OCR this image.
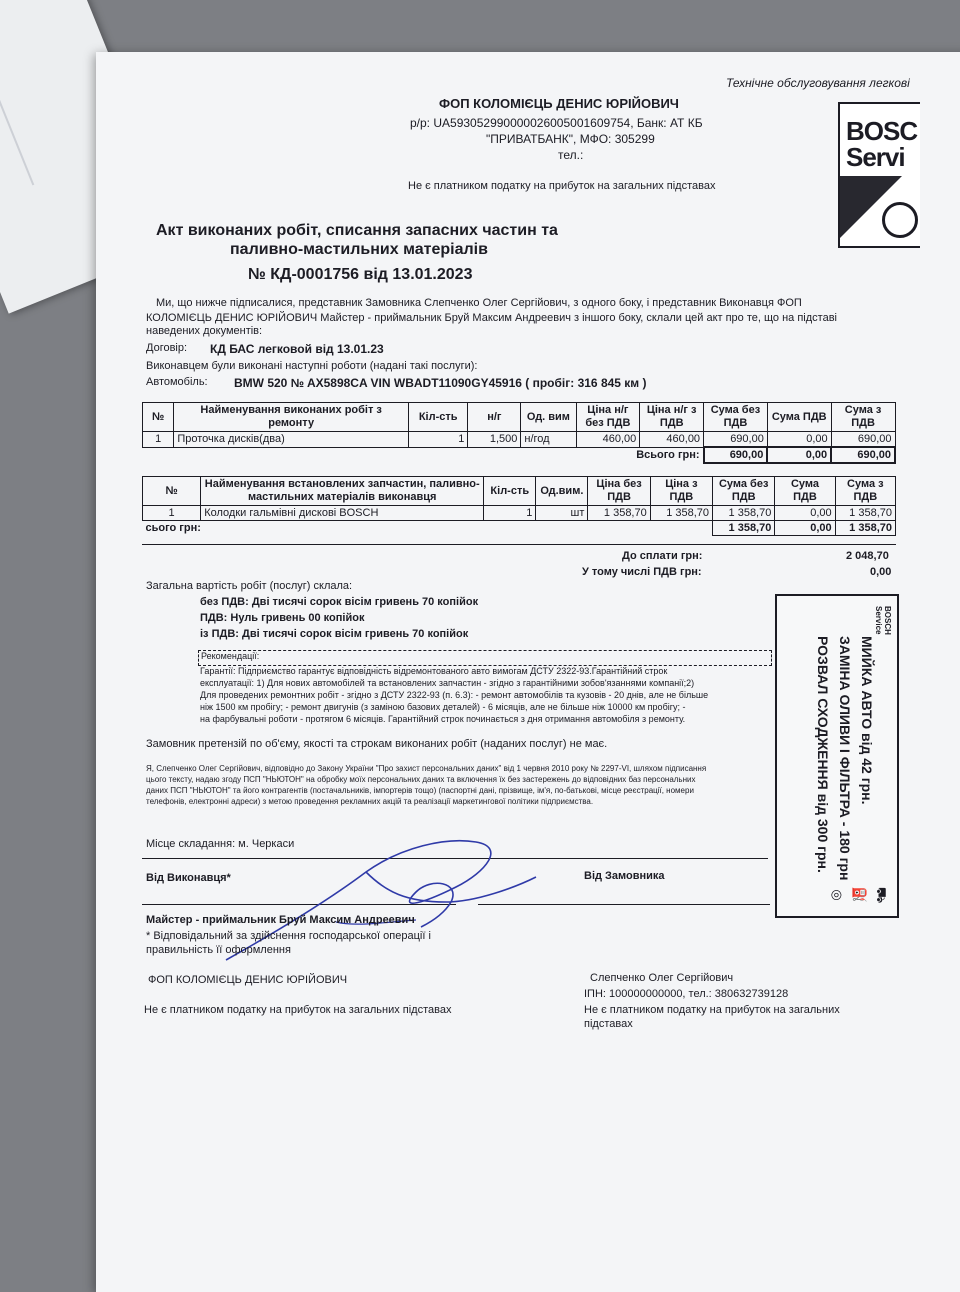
Технічне обслуговування легкові
BOSC
Servi
ФОП КОЛОМІЄЦЬ ДЕНИС ЮРІЙОВИЧ
р/р: UA593052990000026005001609754, Банк: АТ КБ
"ПРИВАТБАНК", МФО: 305299
тел.:
Не є платником податку на прибуток на загальних підставах
Акт виконаних робіт, списання запасних частин та
паливно-мастильних матеріалів
№ КД-0001756 від 13.01.2023
Ми, що нижче підписалися, представник Замовника Слепченко Олег Сергійович, з одного боку, і представник Виконавця ФОП
КОЛОМІЄЦЬ ДЕНИС ЮРІЙОВИЧ Майстер - приймальник Бруй Максим Андреевич з іншого боку, склали цей акт про те, що на підставі
наведених документів:
Договір: КД БАС легковой від 13.01.23
Виконавцем були виконані наступні роботи (надані такі послуги):
Автомобіль: BMW 520 № AX5898CA VIN WBADT11090GY45916 ( пробіг: 316 845 км )
№	Найменування виконаних робіт з ремонту	Кіл-сть	н/г	Од. вим	Ціна н/г без ПДВ	Ціна н/г з ПДВ	Сума без ПДВ	Сума ПДВ	Сума з ПДВ
1	Проточка дисків(два)	1	1,500	н/год	460,00	460,00	690,00	0,00	690,00
Всього грн:							690,00	0,00	690,00
№	Найменування встановлених запчастин, паливно-мастильних матеріалів виконавця	Кіл-сть	Од.вим.	Ціна без ПДВ	Ціна з ПДВ	Сума без ПДВ	Сума ПДВ	Сума з ПДВ
1	Колодки гальмівні дискові BOSCH	1	шт	1 358,70	1 358,70	1 358,70	0,00	1 358,70
сього грн:						1 358,70	0,00	1 358,70
До сплати грн:	2 048,70
У тому числі ПДВ грн:	0,00
Загальна вартість робіт (послуг) склала:
без ПДВ: Дві тисячі сорок вісім гривень 70 копійок
ПДВ: Нуль гривень 00 копійок
із ПДВ: Дві тисячі сорок вісім гривень 70 копійок
Рекомендації:
Гарантії: Підприємство гарантує відповідність відремонтованого авто вимогам ДСТУ 2322-93.Гарантійний строк
експлуатації: 1) Для нових автомобілей та встановлених запчастин - згідно з гарантійними зобов'язаннями компанії;2)
Для проведених ремонтних робіт - згідно з ДСТУ 2322-93 (п. 6.3): - ремонт автомобілів та кузовів - 20 днів, але не більше
ніж 1500 км пробігу; - ремонт двигунів (з заміною базових деталей) - 6 місяців, але не більше ніж 10000 км пробігу; -
на фарбувальні роботи - протягом 6 місяців. Гарантійний строк починається з дня отримання автомобіля з ремонту.
Замовник претензій по об'єму, якості та строкам виконаних робіт (наданих послуг) не має.
Я, Слепченко Олег Сергійович, відповідно до Закону України "Про захист персональних даних" від 1 червня 2010 року № 2297-VI, шляхом підписання
цього тексту, надаю згоду ПСП "НЬЮТОН" на обробку моїх персональних даних та включення їх без застережень до відповідних баз персональних
даних ПСП "НЬЮТОН" та його контрагентів (постачальників, імпортерів тощо) (паспортні дані, прізвище, ім'я, по-батькові, місце реєстрації, номери
телефонів, електронні адреси) з метою проведення рекламних акцій та реалізації маркетингової політики підприємства.
Місце складання: м. Черкаси
Від Виконавця*	Від Замовника
Майстер - приймальник Бруй Максим Андреевич
* Відповідальний за здійснення господарської операції і
правильність її оформлення
ФОП КОЛОМІЄЦЬ ДЕНИС ЮРІЙОВИЧ
Не є платником податку на прибуток на загальних підставах
Слепченко Олег Сергійович
ІПН: 100000000000, тел.: 380632739128
Не є платником податку на прибуток на загальних
підставах
BOSCH Service
МИЙКА АВТО від 42 грн.
ЗАМІНА ОЛИВИ І ФІЛЬТРА - 180 грн
РОЗВАЛ СХОДЖЕННЯ від 300 грн.
⛟
⛽
◎
